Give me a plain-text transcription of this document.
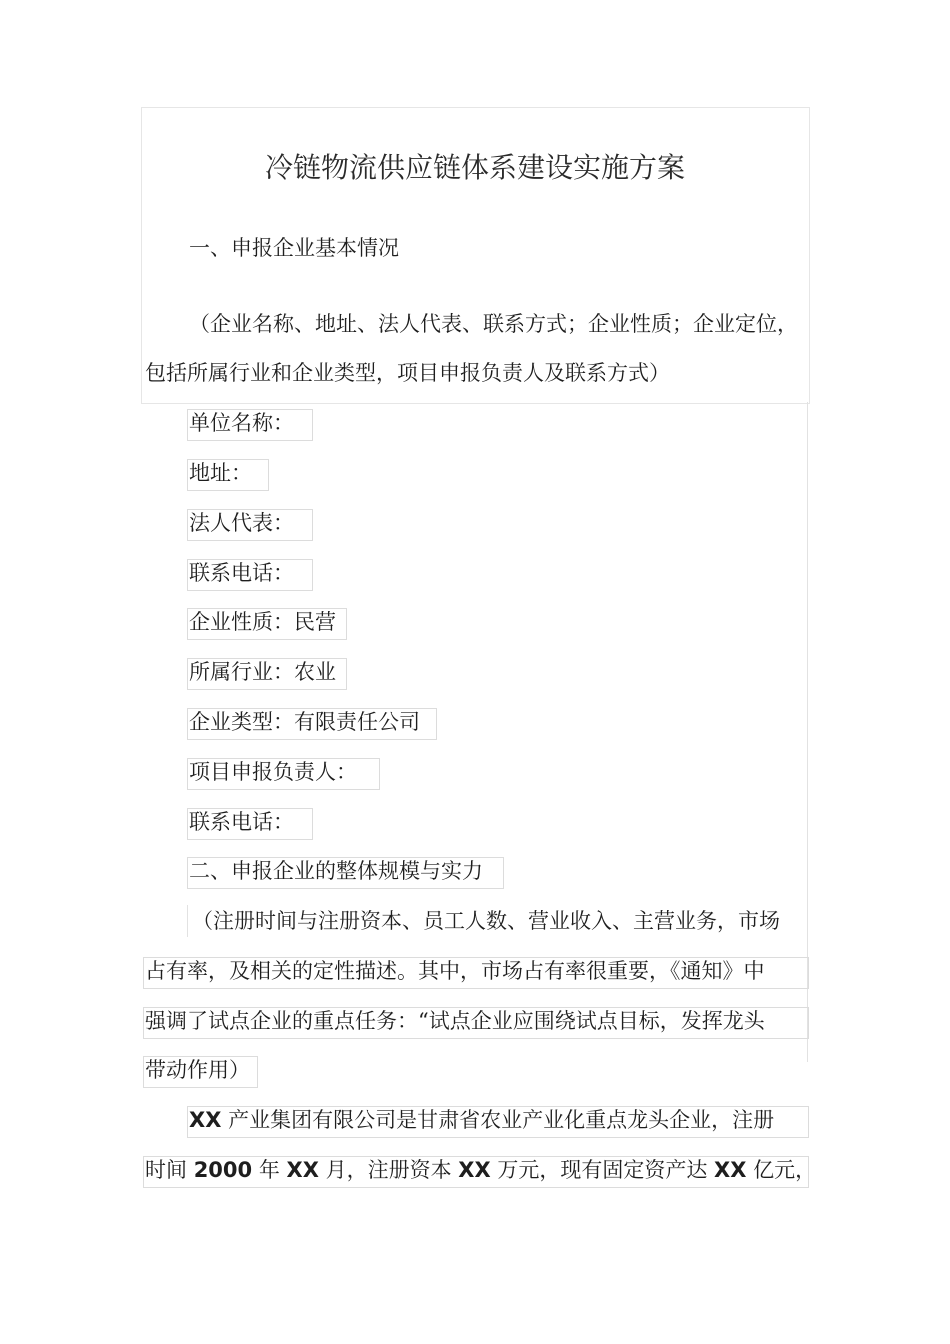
冷链物流供应链体系建设实施方案
一、申报企业基本情况
（企业名称、地址、法人代表、联系方式；企业性质；企业定位，
包括所属行业和企业类型，项目申报负责人及联系方式）
单位名称：
地址：
法人代表：
联系电话：
企业性质：民营
所属行业：农业
企业类型：有限责任公司
项目申报负责人：
联系电话：
二、申报企业的整体规模与实力
（注册时间与注册资本、员工人数、营业收入、主营业务，市场
占有率，及相关的定性描述。其中，市场占有率很重要，《通知》中
强调了试点企业的重点任务：“试点企业应围绕试点目标，发挥龙头
带动作用）
XX 产业集团有限公司是甘肃省农业产业化重点龙头企业，注册
时间 2000 年 XX 月，注册资本 XX 万元，现有固定资产达 XX 亿元，
